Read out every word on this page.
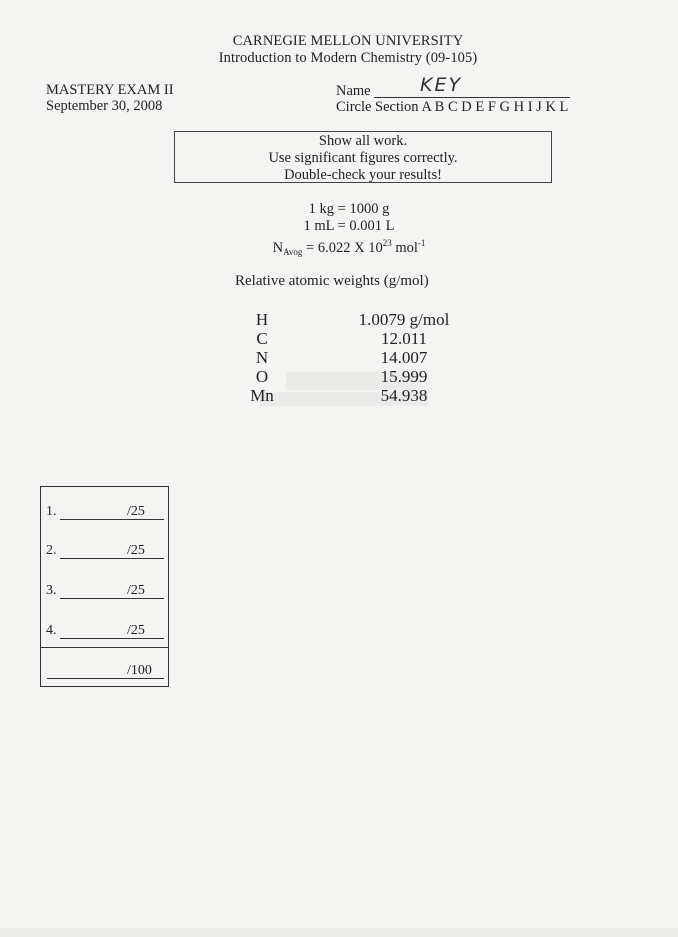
CARNEGIE MELLON UNIVERSITY
Introduction to Modern Chemistry (09-105)
MASTERY EXAM II
September 30, 2008
Name	KEY
Circle Section A B C D E F G H I J K L
Show all work.
Use significant figures correctly.
Double-check your results!
1 kg = 1000 g
1 mL = 0.001 L
$N_{Avog} = 6.022$ X $10^{23}$ mol$^{-1}$
Relative atomic weights (g/mol)
H	1.0079 g/mol
C	12.011
N	14.007
O	15.999
Mn	54.938
1.	/25
2.	/25
3.	/25
4.	/25
/100
